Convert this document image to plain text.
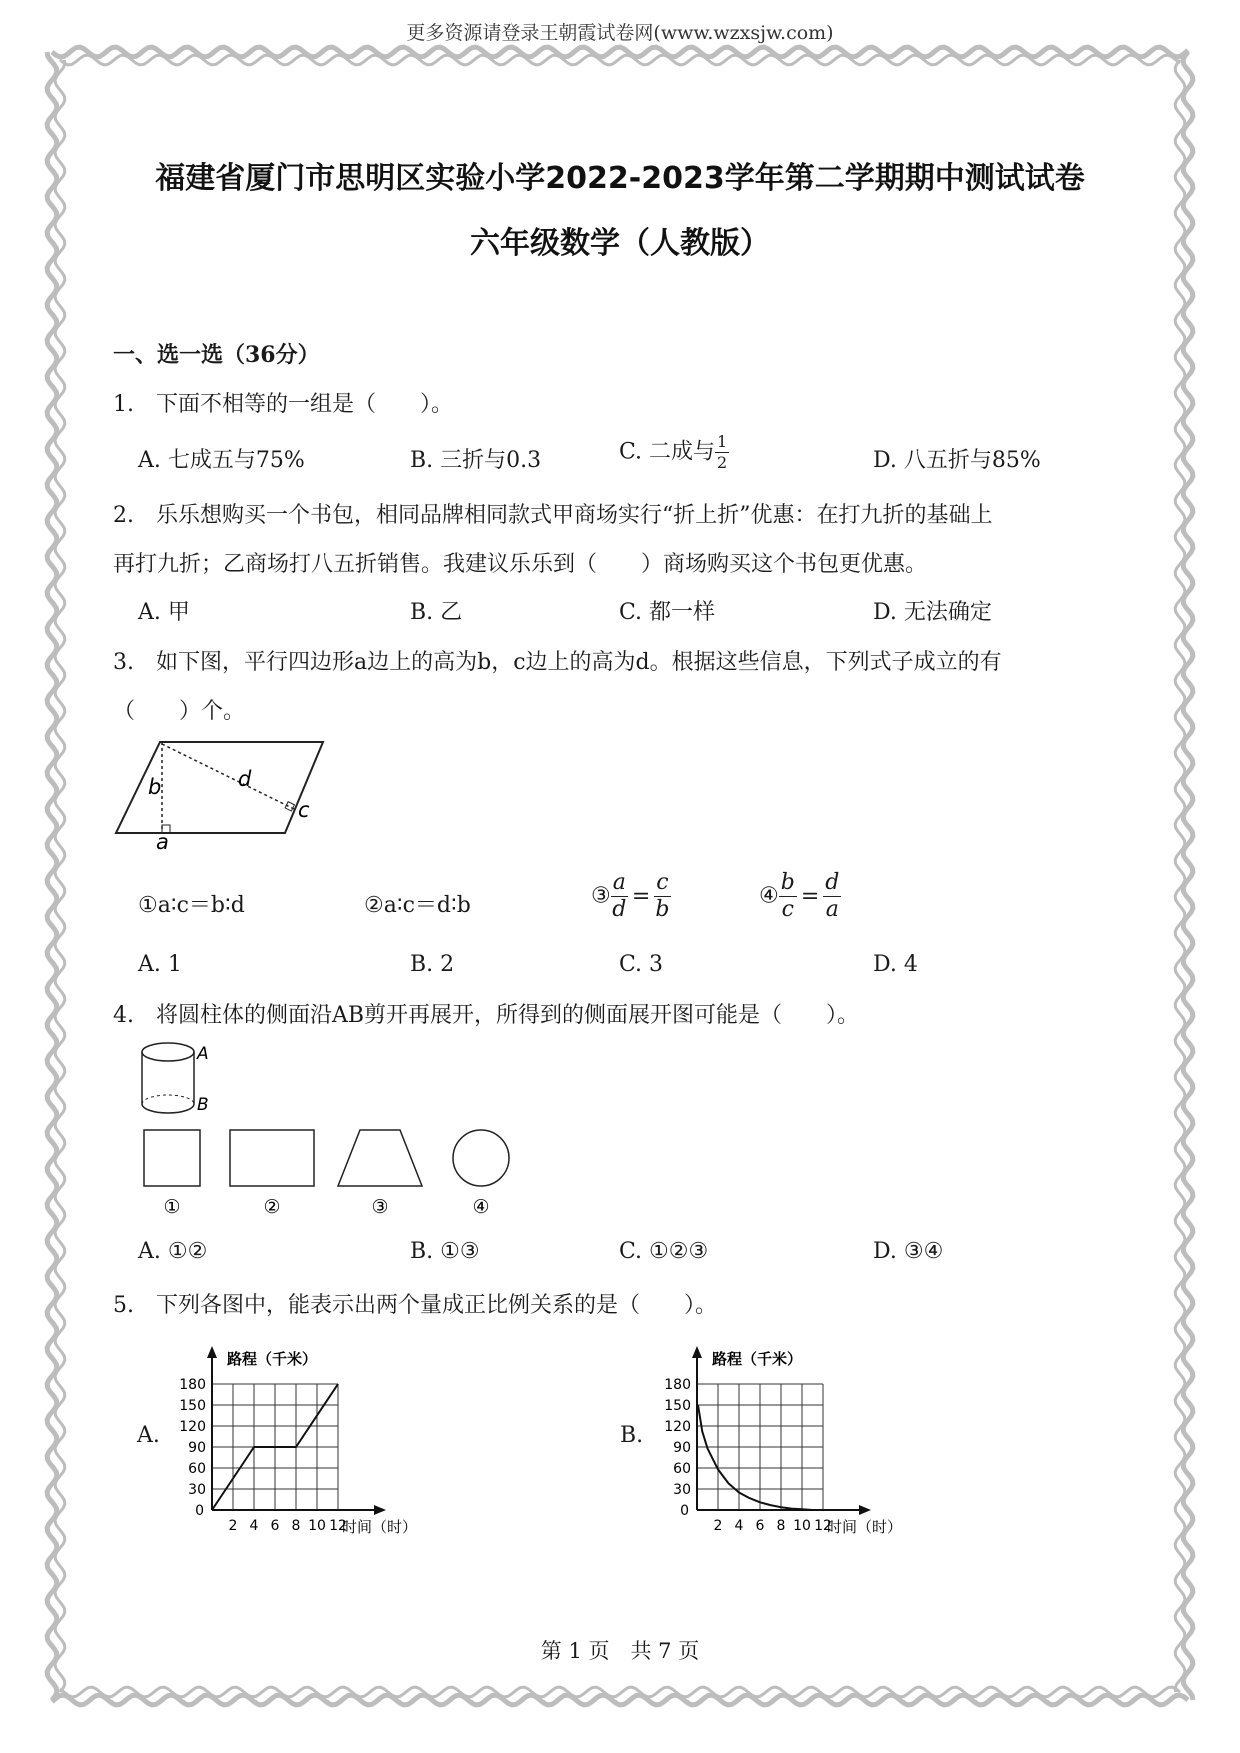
更多资源请登录王朝霞试卷网(www.wzxsjw.com)
福建省厦门市思明区实验小学2022-2023学年第二学期期中测试试卷
六年级数学（人教版）
一、选一选（36分）
1.　下面不相等的一组是（　　）。
A. 七成五与75%	B. 三折与0.3	C. 二成与 $\frac{1}{2}$	D. 八五折与85%
2.　乐乐想购买一个书包，相同品牌相同款式甲商场实行“折上折”优惠：在打九折的基础上
再打九折；乙商场打八五折销售。我建议乐乐到（　　）商场购买这个书包更优惠。
A. 甲	B. 乙	C. 都一样	D. 无法确定
3.　如下图，平行四边形a边上的高为b，c边上的高为d。根据这些信息，下列式子成立的有
（　　）个。
d
b
c
a
①a∶c＝b∶d	②a∶c＝d∶b	③ $\frac{a}{d} = \frac{c}{b}$	④ $\frac{b}{c} = \frac{d}{a}$
A. 1	B. 2	C. 3	D. 4
4.　将圆柱体的侧面沿AB剪开再展开，所得到的侧面展开图可能是（　　）。
A
B
①	②	③	④
A. ①②	B. ①③	C. ①②③	D. ③④
5.　下列各图中，能表示出两个量成正比例关系的是（　　）。
A.	B.
2 4 6 8 10 12
30
60
90
120
150
180
0
路程（千米）
时间（时）	2 4 6 8 10 12
30
60
90
120
150
180
0
路程（千米）
时间（时）
第 1 页　共 7 页
